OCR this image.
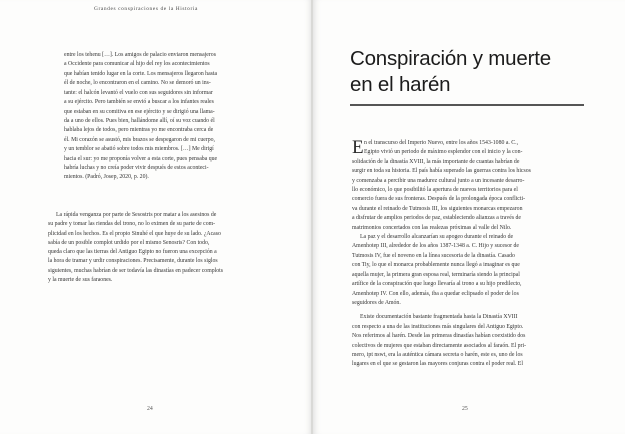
Grandes conspiraciones de la Historia
entre los tehenu […]. Los amigos de palacio enviaron mensajeros
a Occidente para comunicar al hijo del rey los acontecimientos
que habían tenido lugar en la corte. Los mensajeros llegaron hasta
él de noche, lo encontraron en el camino. No se demoró un ins-
tante: el halcón levantó el vuelo con sus seguidores sin informar
a su ejército. Pero también se envió a buscar a los infantes reales
que estaban en su comitiva en ese ejército y se dirigió una llama-
da a uno de ellos. Pues bien, hallándome allí, oí su voz cuando él
hablaba lejos de todos, pero mientras yo me encontraba cerca de
él. Mi corazón se asustó, mis brazos se despegaron de mi cuerpo,
y un temblor se abatió sobre todos mis miembros. […] Me dirigí
hacia el sur: yo me proponía volver a esta corte, pues pensaba que
habría luchas y no creía poder vivir después de estos aconteci-
mientos. (Padró, Josep, 2020, p. 20).
La rápida venganza por parte de Sesostris por matar a los asesinos de
su padre y tomar las riendas del trono, no lo eximen de su parte de com-
plicidad en los hechos. Es el propio Sinuhé el que huye de su lado. ¿Acaso
sabía de un posible complot urdido por el mismo Senosris? Con todo,
queda claro que las tierras del Antiguo Egipto no fueron una excepción a
la hora de tramar y urdir conspiraciones. Precisamente, durante los siglos
siguientes, muchas habrían de ser todavía las dinastías en padecer complots
y la muerte de sus faraones.
24
Conspiración y muerte
en el harén
E n el transcurso del Imperio Nuevo, entre los años 1543-1080 a. C.,
Egipto vivió un periodo de máximo esplendor con el inicio y la con-
solidación de la dinastía XVIII, la más importante de cuantas habrían de
surgir en toda su historia. El país había superado las guerras contra los hicsos
y comenzaba a percibir una madurez cultural junto a un incesante desarro-
llo económico, lo que posibilitó la apertura de nuevos territorios para el
comercio fuera de sus fronteras. Después de la prolongada época conflicti-
va durante el reinado de Tutmosis III, los siguientes monarcas empezaron
a disfrutar de amplios periodos de paz, estableciendo alianzas a través de
matrimonios concertados con las realezas próximas al valle del Nilo.
La paz y el desarrollo alcanzarían su apogeo durante el reinado de
Amenhotep III, alrededor de los años 1387-1348 a. C. Hijo y sucesor de
Tutmosis IV, fue el noveno en la línea sucesoria de la dinastía. Casado
con Tiy, lo que el monarca probablemente nunca llegó a imaginar es que
aquella mujer, la primera gran esposa real, terminaría siendo la principal
artífice de la conspiración que luego llevaría al trono a su hijo predilecto,
Amenhotep IV. Con ello, además, iba a quedar eclipsado el poder de los
seguidores de Amón.
Existe documentación bastante fragmentada hasta la Dinastía XVIII
con respecto a una de las instituciones más singulares del Antiguo Egipto.
Nos referimos al harén. Desde las primeras dinastías habían coexistido dos
colectivos de mujeres que estaban directamente asociados al faraón. El pri-
mero, ipt nswt, era la auténtica cámara secreta o harén, este es, uno de los
lugares en el que se gestaron las mayores conjuras contra el poder real. El
25
